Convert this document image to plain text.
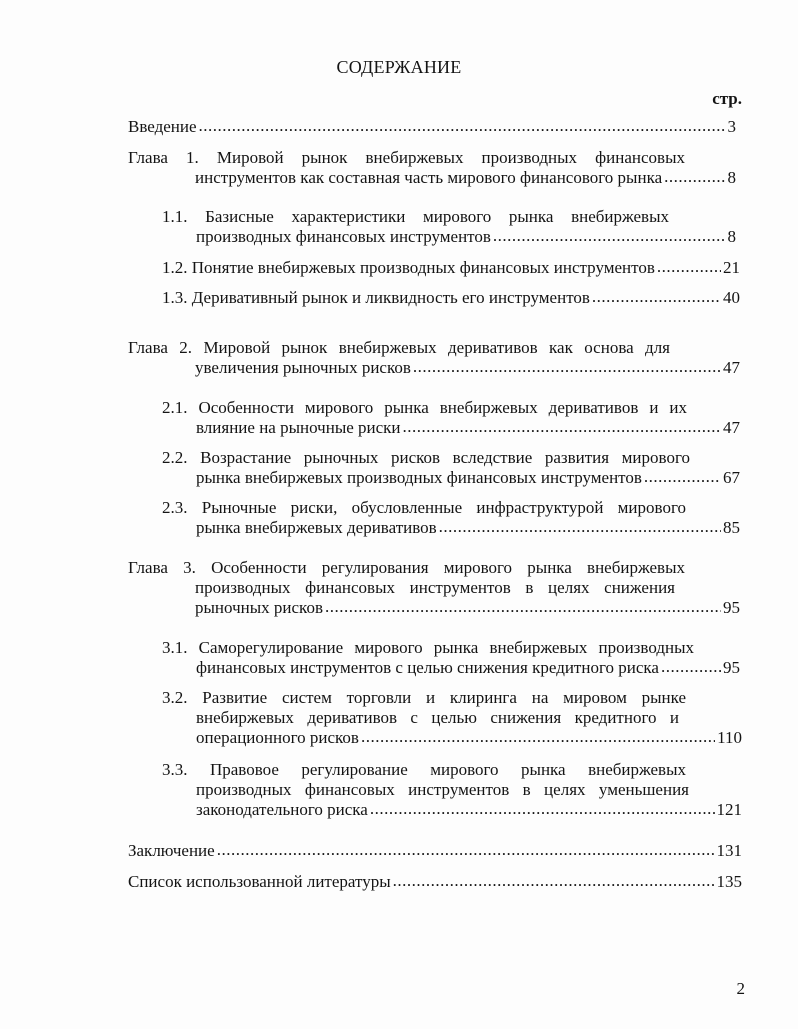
СОДЕРЖАНИЕ
стр.
Введение .....	3
Глава 1. Мировой рынок внебиржевых производных финансовых
инструментов как составная часть мирового финансового рынка .....	8
1.1. Базисные характеристики мирового рынка внебиржевых
производных финансовых инструментов .....	8
1.2. Понятие внебиржевых производных финансовых инструментов .....	21
1.3. Деривативный рынок и ликвидность его инструментов .....	40
Глава 2. Мировой рынок внебиржевых деривативов как основа для
увеличения рыночных рисков .....	47
2.1. Особенности мирового рынка внебиржевых деривативов и их
влияние на рыночные риски .....	47
2.2. Возрастание рыночных рисков вследствие развития мирового
рынка внебиржевых производных финансовых инструментов .....	67
2.3. Рыночные риски, обусловленные инфраструктурой мирового
рынка внебиржевых деривативов .....	85
Глава 3. Особенности регулирования мирового рынка внебиржевых
производных финансовых инструментов в целях снижения
рыночных рисков .....	95
3.1. Саморегулирование мирового рынка внебиржевых производных
финансовых инструментов с целью снижения кредитного риска .....	95
3.2. Развитие систем торговли и клиринга на мировом рынке
внебиржевых деривативов с целью снижения кредитного и
операционного рисков .....	110
3.3. Правовое регулирование мирового рынка внебиржевых
производных финансовых инструментов в целях уменьшения
законодательного риска .....	121
Заключение .....	131
Список использованной литературы .....	135
2
